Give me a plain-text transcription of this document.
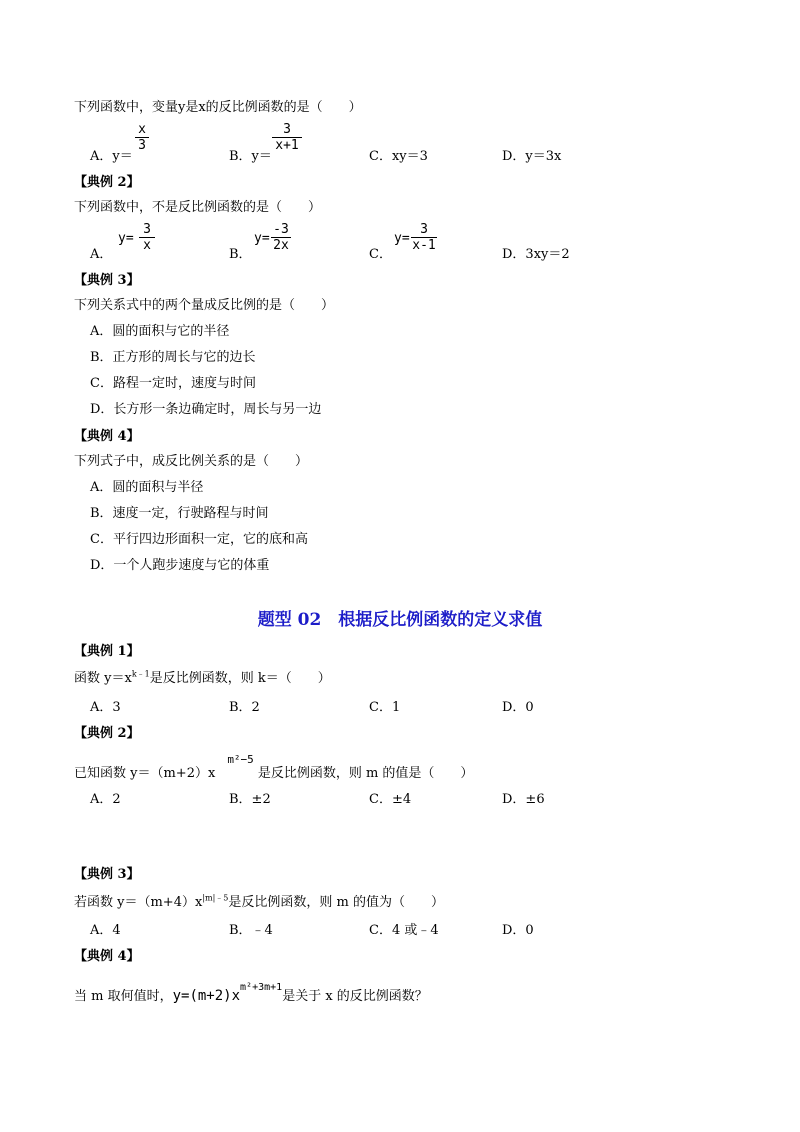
下列函数中，变量y是x的反比例函数的是（　　）
A．y＝
x
3
B．y＝
3
x+1
C．xy＝3	D．y＝3x
【典例 2】
下列函数中，不是反比例函数的是（　　）
A．
y=
3
x
B．
y=
-3
2x
C．
y=
3
x-1
D．3xy＝2
【典例 3】
下列关系式中的两个量成反比例的是（　　）
A．圆的面积与它的半径
B．正方形的周长与它的边长
C．路程一定时，速度与时间
D．长方形一条边确定时，周长与另一边
【典例 4】
下列式子中，成反比例关系的是（　　）
A．圆的面积与半径
B．速度一定，行驶路程与时间
C．平行四边形面积一定，它的底和高
D．一个人跑步速度与它的体重
题型 02　根据反比例函数的定义求值
【典例 1】
函数 $y=x^{k﹣1}$是反比例函数，则 k＝（　　）
A．3	B．2	C．1	D．0
【典例 2】
已知函数 $y=(m+2)x^{m^2-5}$是反比例函数，则 m 的值是（　　）
A．2	B．±2	C．±4	D．±6
【典例 3】
若函数 $y=(m+4)x^{|m|﹣5}$是反比例函数，则 m 的值为（　　）
A．4	B．﹣4	C．4 或﹣4	D．0
【典例 4】
当 m 取何值时，$y=(m+2)x^{m^2+3m+1}$是关于 x 的反比例函数？
